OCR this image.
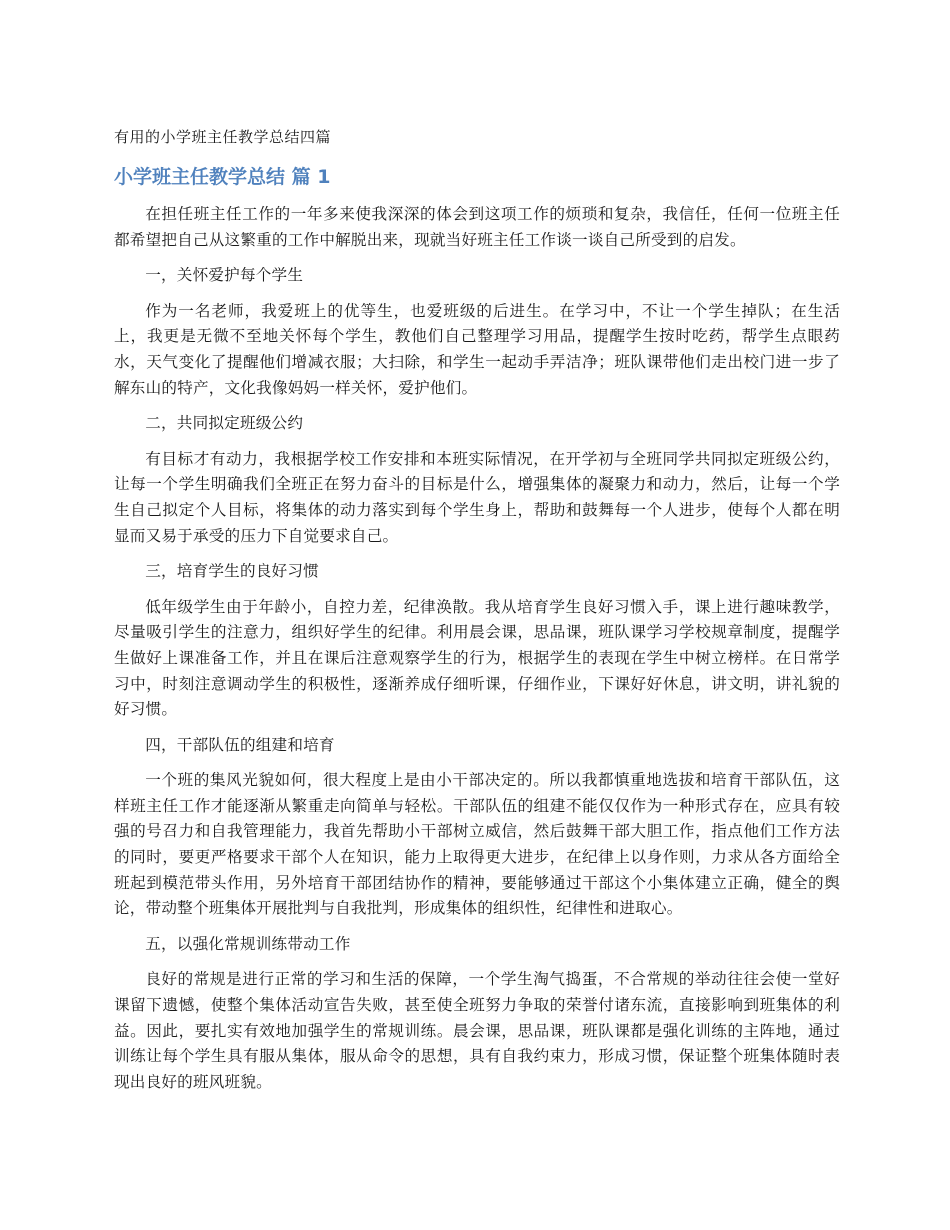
有用的小学班主任教学总结四篇
小学班主任教学总结 篇 1

在担任班主任工作的一年多来使我深深的体会到这项工作的烦琐和复杂，我信任，任何一位班主任都希望把自己从这繁重的工作中解脱出来，现就当好班主任工作谈一谈自己所受到的启发。

一，关怀爱护每个学生

作为一名老师，我爱班上的优等生，也爱班级的后进生。在学习中，不让一个学生掉队；在生活上，我更是无微不至地关怀每个学生，教他们自己整理学习用品，提醒学生按时吃药，帮学生点眼药水，天气变化了提醒他们增减衣服；大扫除，和学生一起动手弄洁净；班队课带他们走出校门进一步了解东山的特产，文化我像妈妈一样关怀，爱护他们。

二，共同拟定班级公约

有目标才有动力，我根据学校工作安排和本班实际情况，在开学初与全班同学共同拟定班级公约，让每一个学生明确我们全班正在努力奋斗的目标是什么，增强集体的凝聚力和动力，然后，让每一个学生自己拟定个人目标，将集体的动力落实到每个学生身上，帮助和鼓舞每一个人进步，使每个人都在明显而又易于承受的压力下自觉要求自己。

三，培育学生的良好习惯

低年级学生由于年龄小，自控力差，纪律涣散。我从培育学生良好习惯入手，课上进行趣味教学，尽量吸引学生的注意力，组织好学生的纪律。利用晨会课，思品课，班队课学习学校规章制度，提醒学生做好上课准备工作，并且在课后注意观察学生的行为，根据学生的表现在学生中树立榜样。在日常学习中，时刻注意调动学生的积极性，逐渐养成仔细听课，仔细作业，下课好好休息，讲文明，讲礼貌的好习惯。

四，干部队伍的组建和培育

一个班的集风光貌如何，很大程度上是由小干部决定的。所以我都慎重地选拔和培育干部队伍，这样班主任工作才能逐渐从繁重走向简单与轻松。干部队伍的组建不能仅仅作为一种形式存在，应具有较强的号召力和自我管理能力，我首先帮助小干部树立威信，然后鼓舞干部大胆工作，指点他们工作方法的同时，要更严格要求干部个人在知识，能力上取得更大进步，在纪律上以身作则，力求从各方面给全班起到模范带头作用，另外培育干部团结协作的精神，要能够通过干部这个小集体建立正确，健全的舆论，带动整个班集体开展批判与自我批判，形成集体的组织性，纪律性和进取心。

五，以强化常规训练带动工作

良好的常规是进行正常的学习和生活的保障，一个学生淘气捣蛋，不合常规的举动往往会使一堂好课留下遗憾，使整个集体活动宣告失败，甚至使全班努力争取的荣誉付诸东流，直接影响到班集体的利益。因此，要扎实有效地加强学生的常规训练。晨会课，思品课，班队课都是强化训练的主阵地，通过训练让每个学生具有服从集体，服从命令的思想，具有自我约束力，形成习惯，保证整个班集体随时表现出良好的班风班貌。
